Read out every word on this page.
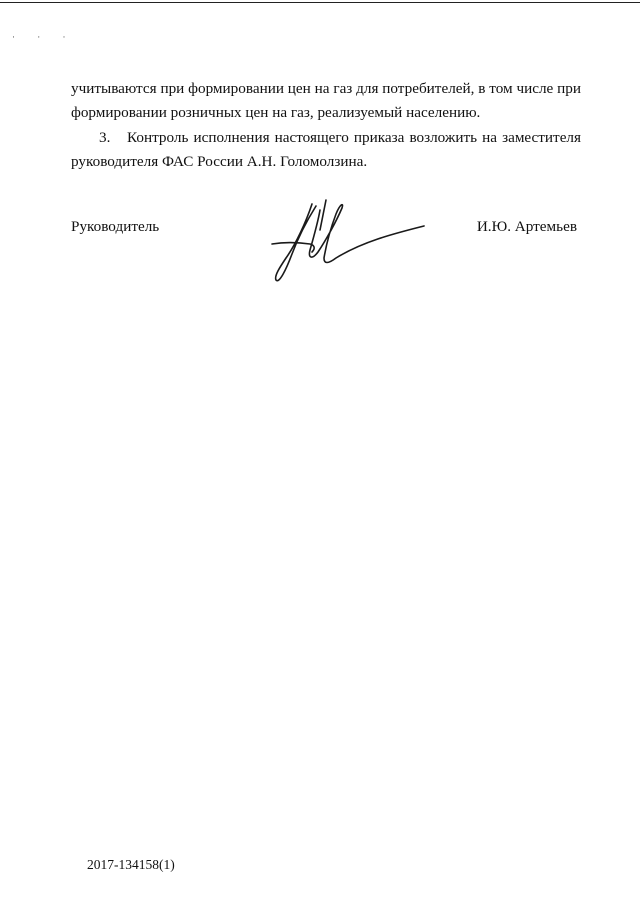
· · ·
учитываются при формировании цен на газ для потребителей, в том числе при
формировании розничных цен на газ, реализуемый населению.
3. Контроль исполнения настоящего приказа возложить на заместителя
руководителя ФАС России А.Н. Голомолзина.
Руководитель	И.Ю. Артемьев
2017-134158(1)
